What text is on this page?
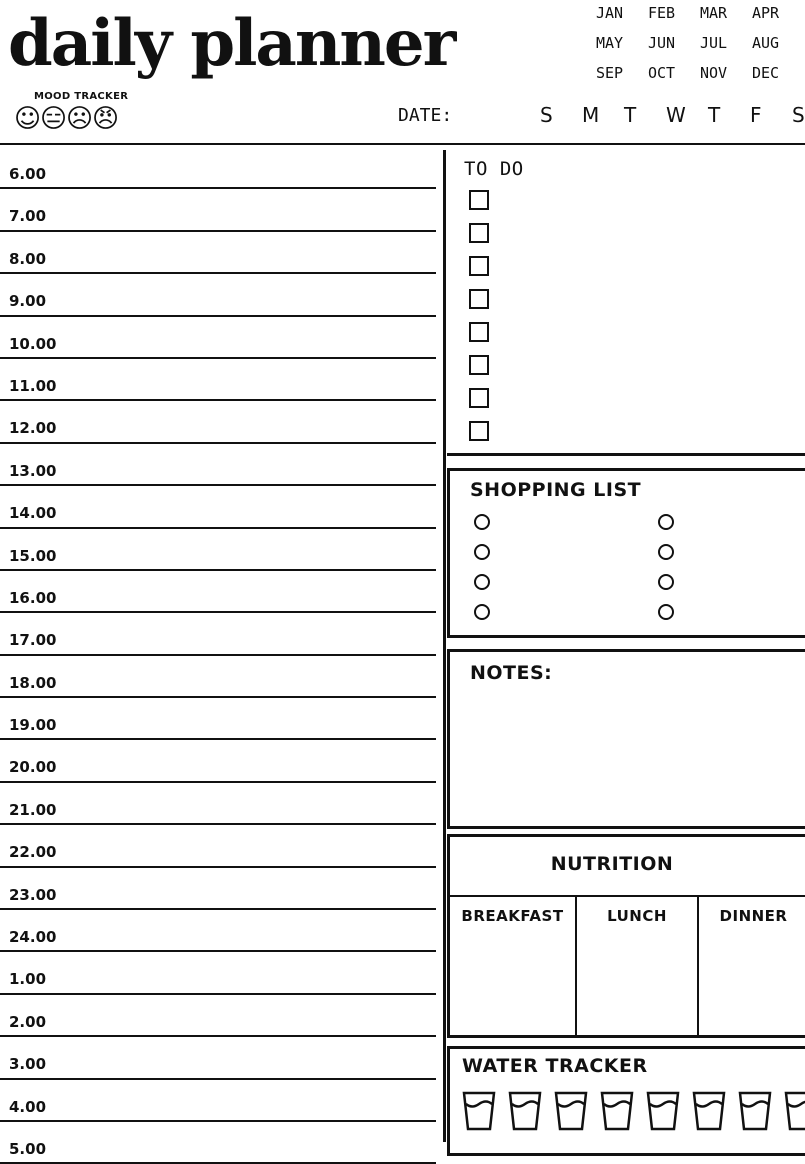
daily planner	JAN	FEB	MAR	APR
MAY	JUN	JUL	AUG
SEP	OCT	NOV	DEC
MOOD TRACKER
☺
😑
☹
😠	DATE:	S	M	T	W	T	F	S
6.00
7.00
8.00
9.00
10.00
11.00
12.00
13.00
14.00
15.00
16.00
17.00
18.00
19.00
20.00
21.00
22.00
23.00
24.00
1.00
2.00
3.00
4.00
5.00
TO DO
SHOPPING LIST
NOTES:
NUTRITION
BREAKFAST	LUNCH	DINNER
WATER TRACKER
